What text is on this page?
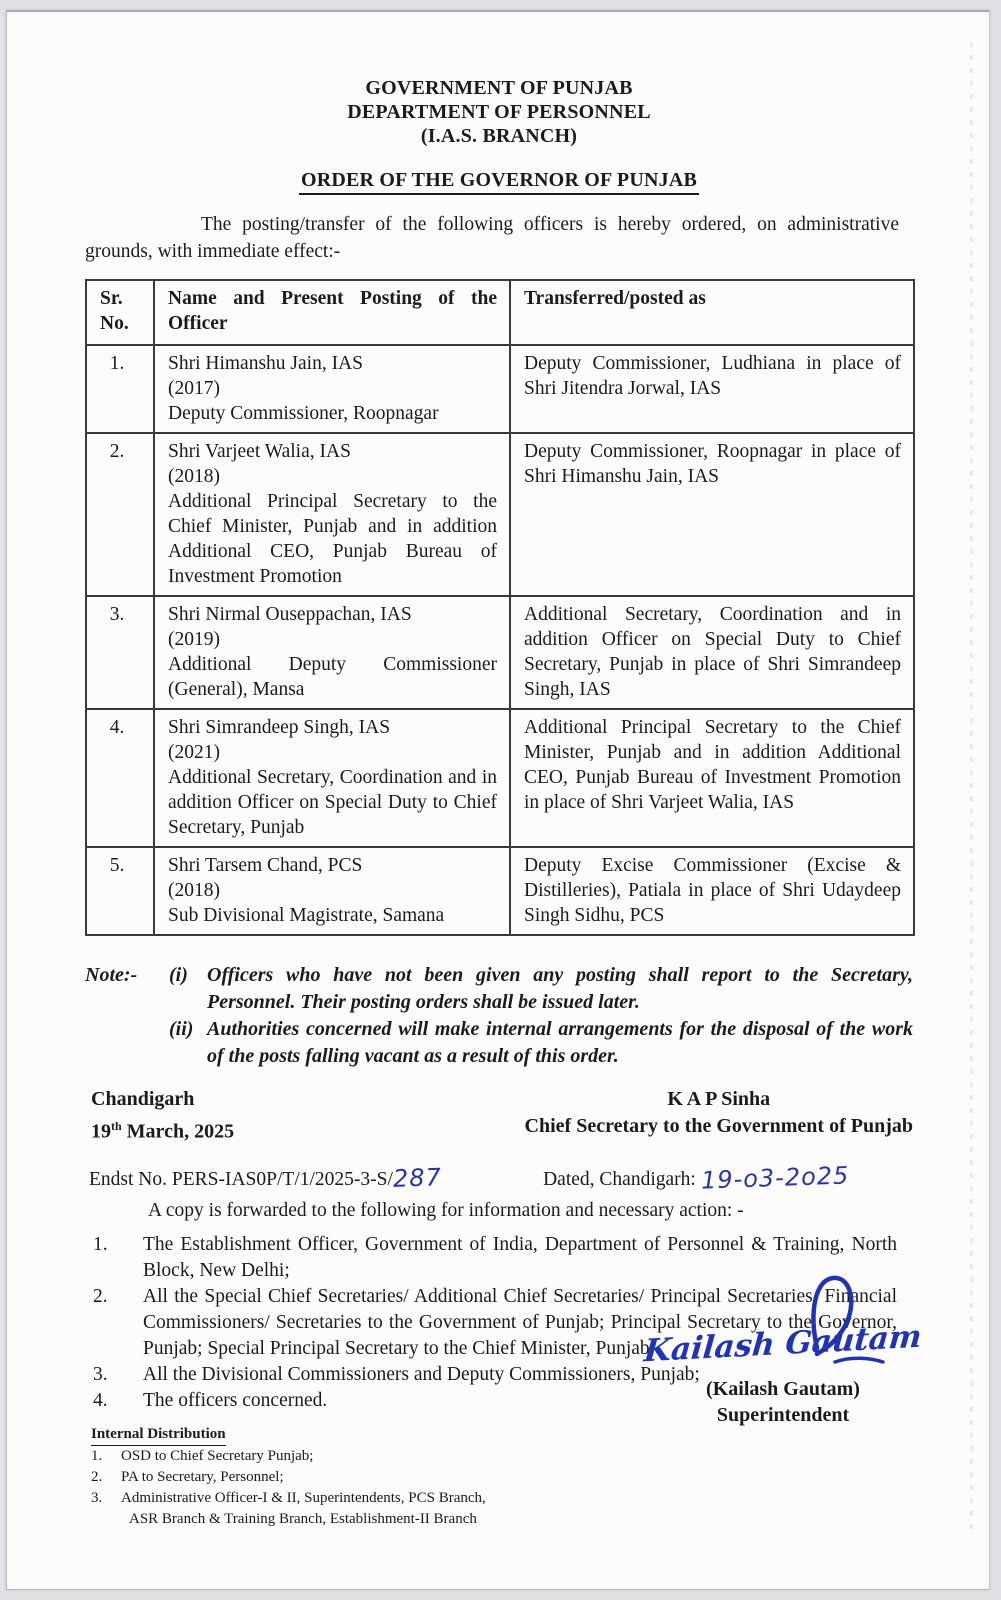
GOVERNMENT OF PUNJAB
DEPARTMENT OF PERSONNEL
(I.A.S. BRANCH)
ORDER OF THE GOVERNOR OF PUNJAB

The posting/transfer of the following officers is hereby ordered, on administrative grounds, with immediate effect:-

Sr. No.	Name and Present Posting of the Officer	Transferred/posted as
1.	Shri Himanshu Jain, IAS
(2017)
Deputy Commissioner, Roopnagar	Deputy Commissioner, Ludhiana in place of Shri Jitendra Jorwal, IAS
2.	Shri Varjeet Walia, IAS
(2018)
Additional Principal Secretary to the Chief Minister, Punjab and in addition Additional CEO, Punjab Bureau of Investment Promotion	Deputy Commissioner, Roopnagar in place of Shri Himanshu Jain, IAS
3.	Shri Nirmal Ouseppachan, IAS
(2019)
Additional Deputy Commissioner (General), Mansa	Additional Secretary, Coordination and in addition Officer on Special Duty to Chief Secretary, Punjab in place of Shri Simrandeep Singh, IAS
4.	Shri Simrandeep Singh, IAS
(2021)
Additional Secretary, Coordination and in addition Officer on Special Duty to Chief Secretary, Punjab	Additional Principal Secretary to the Chief Minister, Punjab and in addition Additional CEO, Punjab Bureau of Investment Promotion in place of Shri Varjeet Walia, IAS
5.	Shri Tarsem Chand, PCS
(2018)
Sub Divisional Magistrate, Samana	Deputy Excise Commissioner (Excise & Distilleries), Patiala in place of Shri Udaydeep Singh Sidhu, PCS
Note:-	(i) Officers who have not been given any posting shall report to the Secretary, Personnel. Their posting orders shall be issued later.
(ii) Authorities concerned will make internal arrangements for the disposal of the work of the posts falling vacant as a result of this order.
Chandigarh
19th March, 2025
K A P Sinha
Chief Secretary to the Government of Punjab
Endst No. PERS-IAS0P/T/1/2025-3-S/287	Dated, Chandigarh: 19-o3-2o25
A copy is forwarded to the following for information and necessary action: -
1.	The Establishment Officer, Government of India, Department of Personnel & Training, North Block, New Delhi;
2.	All the Special Chief Secretaries/ Additional Chief Secretaries/ Principal Secretaries/ Financial Commissioners/ Secretaries to the Government of Punjab; Principal Secretary to the Governor, Punjab; Special Principal Secretary to the Chief Minister, Punjab;
3.	All the Divisional Commissioners and Deputy Commissioners, Punjab;
4.	The officers concerned.
Kailash Gautam
(Kailash Gautam)
Superintendent
Internal Distribution
1.	OSD to Chief Secretary Punjab;
2.	PA to Secretary, Personnel;
3.	Administrative Officer-I & II, Superintendents, PCS Branch,
ASR Branch & Training Branch, Establishment-II Branch
